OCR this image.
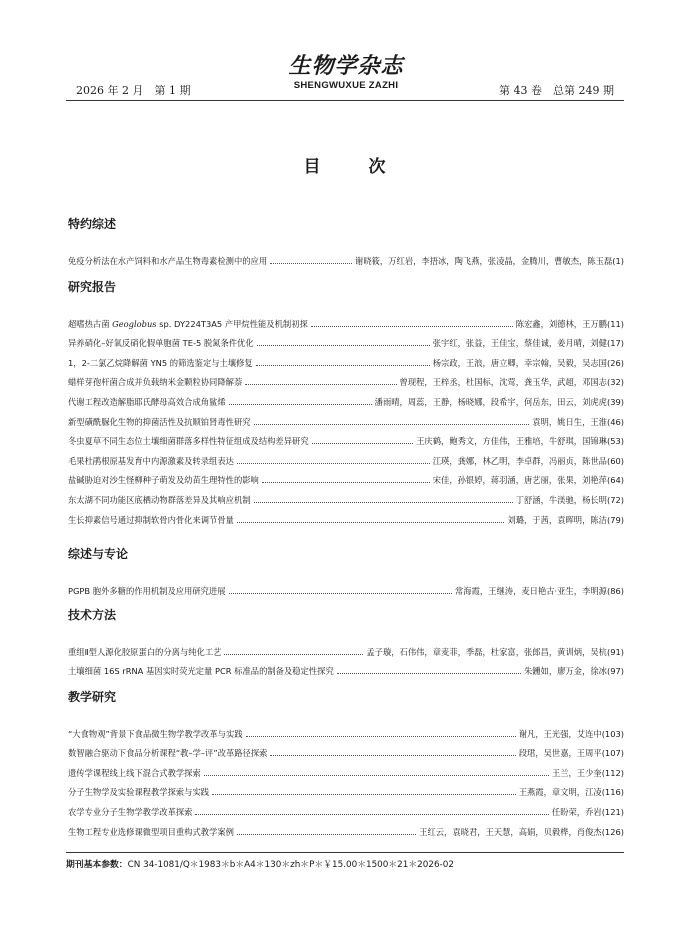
2026 年 2 月　第 1 期
生物学杂志
SHENGWUXUE ZAZHI	第 43 卷　总第 249 期
目次
特约综述
免疫分析法在水产饲料和水产品生物毒素检测中的应用	谢晓筱，万红岩，李捂冰，陶飞燕，张凌晶，金腾川，曹敏杰，陈玉磊(1)
研究报告
超嗜热古菌 Geoglobus sp. DY224T3A5 产甲烷性能及机制初探	陈宏鑫，刘德林，王万鹏(11)
异养硝化–好氧反硝化假单胞菌 TE-5 脱氮条件优化	张宇红，张益，王佳宝，蔡佳诚，姜月晴，刘健(17)
1，2-二氯乙烷降解菌 YN5 的筛选鉴定与土壤修复	杨宗政，王浪，唐立卿，幸宗翰，吴毅，吴志国(26)
蜡样芽孢杆菌合成并负载纳米金颗粒协同降解萘	曾现程，王梓丞，杜国标，沈莺，龚玉华，武超，邓国志(32)
代谢工程改造解脂耶氏酵母高效合成角鲨烯	潘雨晴，周蕊，王静，杨晓娜，段希宇，何岳东，田云，刘虎虎(39)
新型磺酰脲化生物的抑菌活性及抗顺铂肾毒性研究	袁明，姚日生，王淮(46)
冬虫夏草不同生态位土壤细菌群落多样性特征组成及结构差异研究	王庆鹤，鲍秀文，方佳伟，王雅培，牛舒琪，国锦琳(53)
毛果杜鹃根原基发育中内源激素及转录组表达	江瑛，龚娜，林乙明，李卓群，冯丽贞，陈世品(60)
盐碱胁迫对沙生怪柳种子萌发及幼苗生理特性的影响	宋佳，孙银婷，蒋羽涵，唐艺丽，张果，刘艳萍(64)
东太湖不同功能区底栖动物群落差异及其响应机制	丁舒涵，牛渼驰，杨长明(72)
生长抑素信号通过抑制软骨内骨化来调节骨量	刘璐，于茜，袁晖明，陈洁(79)
综述与专论
PGPB 胞外多糖的作用机制及应用研究进展	常海霞，王继涛，麦日艳古·亚生，李明源(86)
技术方法
重组Ⅱ型人源化胶原蛋白的分离与纯化工艺	孟子璇，石伟伟，章麦菲，季磊，杜家富，张郎昌，黄训炳，吴杭(91)
土壤细菌 16S rRNA 基因实时荧光定量 PCR 标准品的制备及稳定性探究	朱鑂如，廖万金，徐冰(97)
教学研究
“大食物观”背景下食品微生物学教学改革与实践	谢凡，王光强，艾连中(103)
数智融合驱动下食品分析课程“教–学–评”改革路径探索	段珺，吴世嘉，王周平(107)
遗传学课程线上线下混合式教学探索	王兰，王少奎(112)
分子生物学及实验课程教学探索与实践	王燕霞，章文明，江凌(116)
农学专业分子生物学教学改革探索	任盼荣，乔岩(121)
生物工程专业选修课微型项目重构式教学案例	王红云，袁晓君，王天慧，高娟，贝毅桦，肖俊杰(126)
期刊基本参数：CN 34-1081/Q＊1983＊b＊A4＊130＊zh＊P＊￥15.00＊1500＊21＊2026-02
